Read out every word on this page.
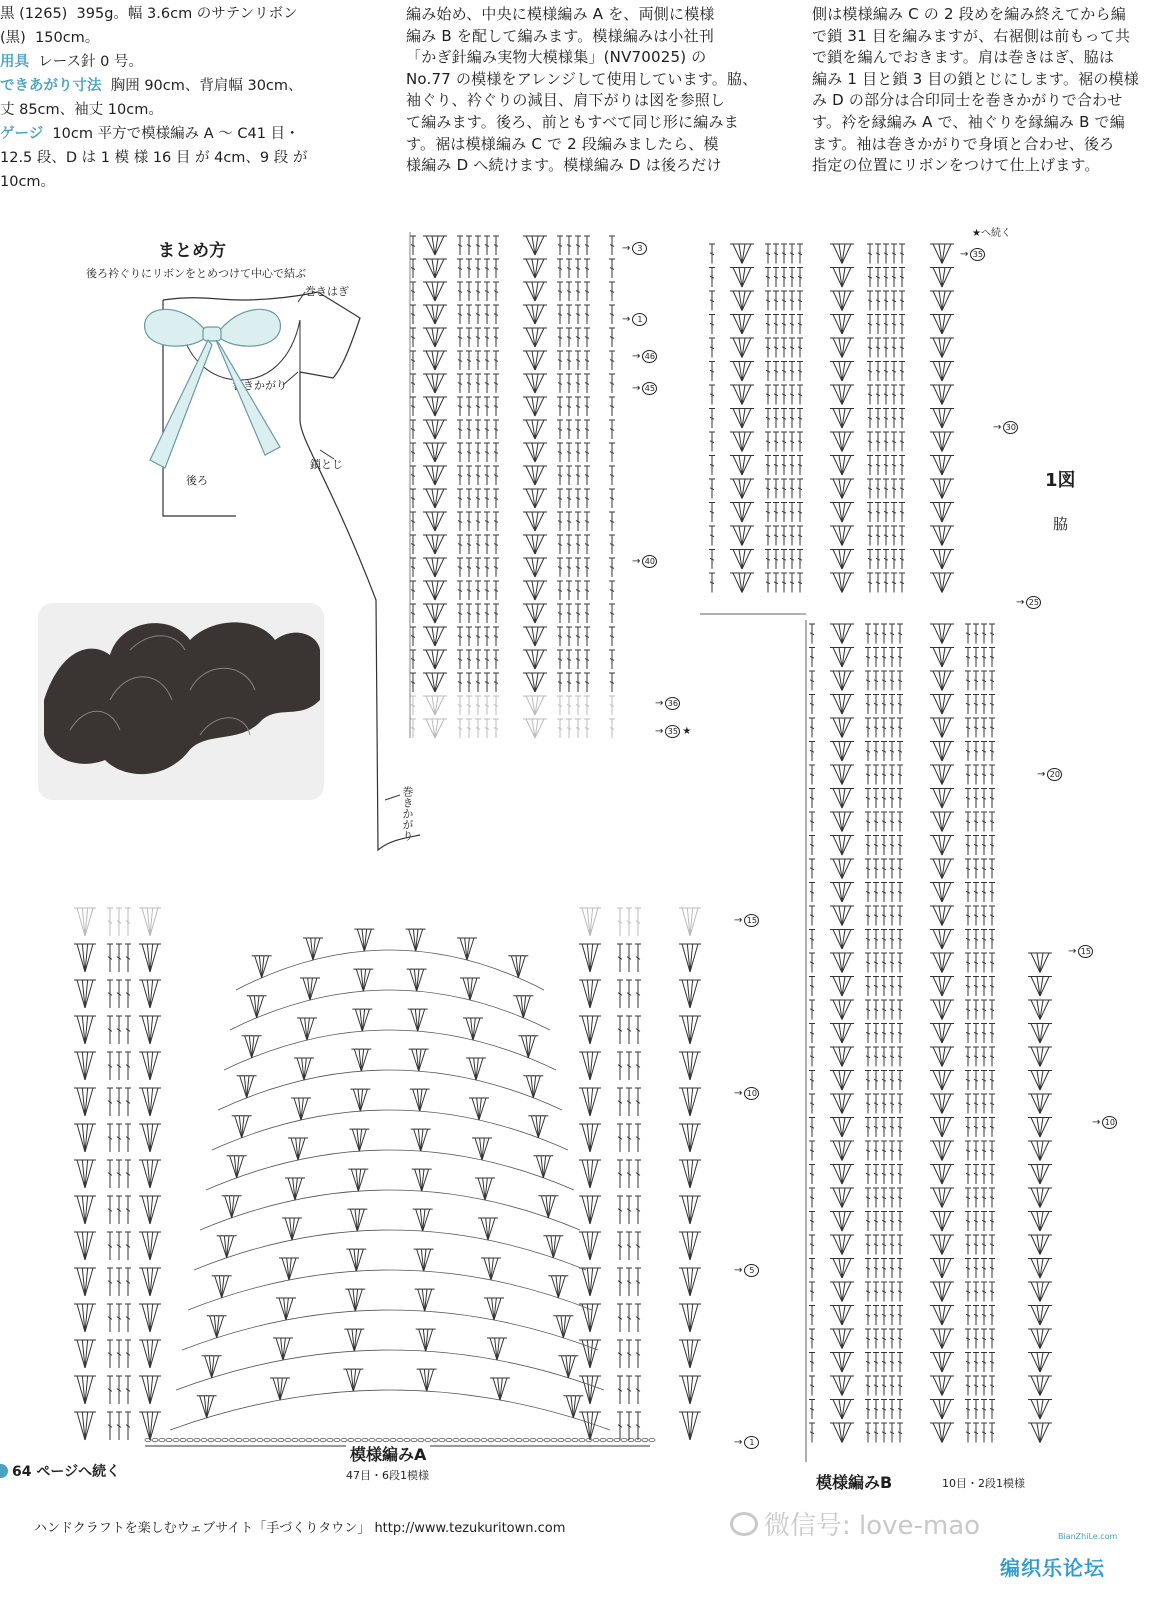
黒 (1265)  395g。幅 3.6cm のサテンリボン
(黒)  150cm。
用具  レース針 0 号。
できあがり寸法  胸囲 90cm、背肩幅 30cm、
丈 85cm、袖丈 10cm。
ゲージ  10cm 平方で模様編み A ～ C41 目・
12.5 段、D は 1 模 様 16 目 が 4cm、9 段 が
10cm。
編み始め、中央に模様編み A を、両側に模様
編み B を配して編みます。模様編みは小社刊
「かぎ針編み実物大模様集」(NV70025) の
No.77 の模様をアレンジして使用しています。脇、
袖ぐり、衿ぐりの減目、肩下がりは図を参照し
て編みます。後ろ、前ともすべて同じ形に編みま
す。裾は模様編み C で 2 段編みましたら、模
様編み D へ続けます。模様編み D は後ろだけ
側は模様編み C の 2 段めを編み終えてから編
で鎖 31 目を編みますが、右裾側は前もって共
で鎖を編んでおきます。肩は巻きはぎ、脇は
編み 1 目と鎖 3 目の鎖とじにします。裾の模様
み D の部分は合印同士を巻きかがりで合わせ
す。衿を縁編み A で、袖ぐりを縁編み B で編
ます。袖は巻きかがりで身頃と合わせ、後ろ
指定の位置にリボンをつけて仕上げます。
まとめ方
後ろ衿ぐりにリボンをとめつけて中心で結ぶ
巻きはぎ
巻きかがり
鎖とじ
後ろ
巻きかがり
→ 3
→ 1
→ 46
→ 45
→ 40
→ 36
→ 35 ★
→ 35
→ 30
→ 25
→ 20
→ 15
→ 10
→ 15
→ 10
→ 5
→ 1
1図
脇
★へ続く
模様編みA
47目・6段1模様	模様編みB	10目・2段1模様
64 ページへ続く
ハンドクラフトを楽しむウェブサイト「手づくりタウン」 http://www.tezukuritown.com	微信号: love-mao	BianZhiLe.com
编织乐论坛
